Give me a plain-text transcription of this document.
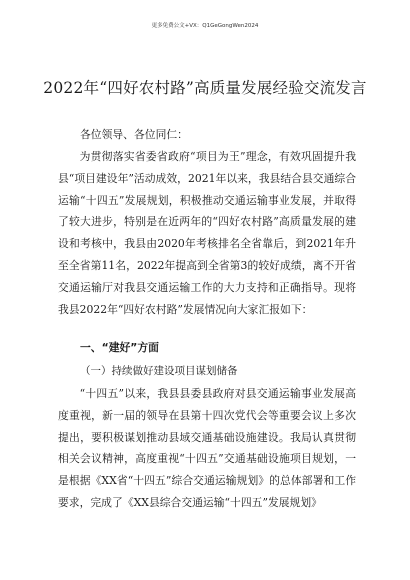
更多免费公文+VX：Q1GeGongWen2024
2022年“四好农村路”高质量发展经验交流发言
各位领导、各位同仁：

为贯彻落实省委省政府“项目为王”理念，有效巩固提升我县“项目建设年”活动成效，2021年以来，我县结合县交通综合运输“十四五”发展规划，积极推动交通运输事业发展，并取得了较大进步，特别是在近两年的“四好农村路”高质量发展的建设和考核中，我县由2020年考核排名全省靠后，到2021年升至全省第11名，2022年提高到全省第3的较好成绩，离不开省交通运输厅对我县交通运输工作的大力支持和正确指导。现将我县2022年“四好农村路”发展情况向大家汇报如下：

一、“建好”方面
（一）持续做好建设项目谋划储备

“十四五”以来，我县县委县政府对县交通运输事业发展高度重视，新一届的领导在县第十四次党代会等重要会议上多次提出，要积极谋划推动县域交通基础设施建设。我局认真贯彻相关会议精神，高度重视“十四五”交通基础设施项目规划，一是根据《XX省“十四五”综合交通运输规划》的总体部署和工作要求，完成了《XX县综合交通运输“十四五”发展规划》
